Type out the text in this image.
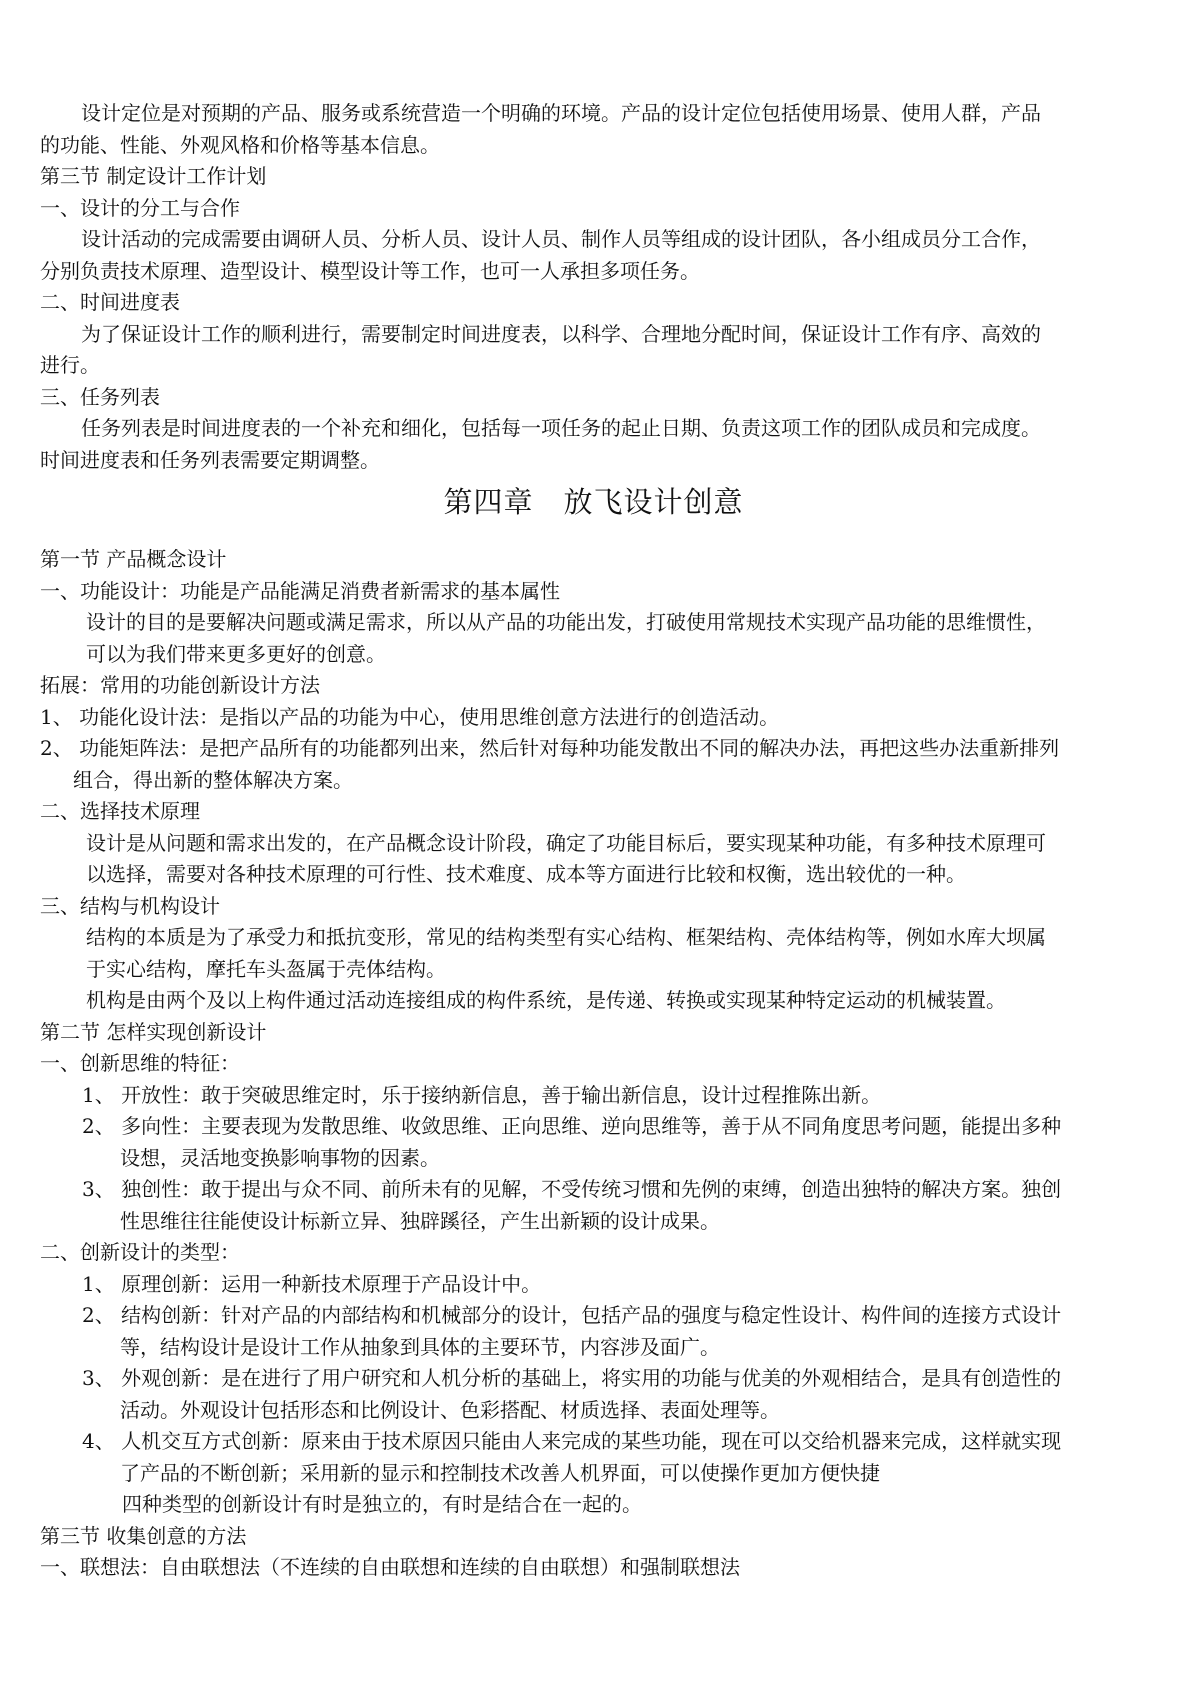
设计定位是对预期的产品、服务或系统营造一个明确的环境。产品的设计定位包括使用场景、使用人群，产品
的功能、性能、外观风格和价格等基本信息。
第三节 制定设计工作计划
一、设计的分工与合作
设计活动的完成需要由调研人员、分析人员、设计人员、制作人员等组成的设计团队，各小组成员分工合作，
分别负责技术原理、造型设计、模型设计等工作，也可一人承担多项任务。
二、时间进度表
为了保证设计工作的顺利进行，需要制定时间进度表，以科学、合理地分配时间，保证设计工作有序、高效的
进行。
三、任务列表
任务列表是时间进度表的一个补充和细化，包括每一项任务的起止日期、负责这项工作的团队成员和完成度。
时间进度表和任务列表需要定期调整。
第四章 放飞设计创意
第一节 产品概念设计
一、功能设计：功能是产品能满足消费者新需求的基本属性
设计的目的是要解决问题或满足需求，所以从产品的功能出发，打破使用常规技术实现产品功能的思维惯性，
可以为我们带来更多更好的创意。
拓展：常用的功能创新设计方法
1、 功能化设计法：是指以产品的功能为中心，使用思维创意方法进行的创造活动。
2、 功能矩阵法：是把产品所有的功能都列出来，然后针对每种功能发散出不同的解决办法，再把这些办法重新排列
组合，得出新的整体解决方案。
二、选择技术原理
设计是从问题和需求出发的，在产品概念设计阶段，确定了功能目标后，要实现某种功能，有多种技术原理可
以选择，需要对各种技术原理的可行性、技术难度、成本等方面进行比较和权衡，选出较优的一种。
三、结构与机构设计
结构的本质是为了承受力和抵抗变形，常见的结构类型有实心结构、框架结构、壳体结构等，例如水库大坝属
于实心结构，摩托车头盔属于壳体结构。
机构是由两个及以上构件通过活动连接组成的构件系统，是传递、转换或实现某种特定运动的机械装置。
第二节 怎样实现创新设计
一、创新思维的特征：
1、 开放性：敢于突破思维定时，乐于接纳新信息，善于输出新信息，设计过程推陈出新。
2、 多向性：主要表现为发散思维、收敛思维、正向思维、逆向思维等，善于从不同角度思考问题，能提出多种
设想，灵活地变换影响事物的因素。
3、 独创性：敢于提出与众不同、前所未有的见解，不受传统习惯和先例的束缚，创造出独特的解决方案。独创
性思维往往能使设计标新立异、独辟蹊径，产生出新颖的设计成果。
二、创新设计的类型：
1、 原理创新：运用一种新技术原理于产品设计中。
2、 结构创新：针对产品的内部结构和机械部分的设计，包括产品的强度与稳定性设计、构件间的连接方式设计
等，结构设计是设计工作从抽象到具体的主要环节，内容涉及面广。
3、 外观创新：是在进行了用户研究和人机分析的基础上，将实用的功能与优美的外观相结合，是具有创造性的
活动。外观设计包括形态和比例设计、色彩搭配、材质选择、表面处理等。
4、 人机交互方式创新：原来由于技术原因只能由人来完成的某些功能，现在可以交给机器来完成，这样就实现
了产品的不断创新；采用新的显示和控制技术改善人机界面，可以使操作更加方便快捷
四种类型的创新设计有时是独立的，有时是结合在一起的。
第三节 收集创意的方法
一、联想法：自由联想法（不连续的自由联想和连续的自由联想）和强制联想法
